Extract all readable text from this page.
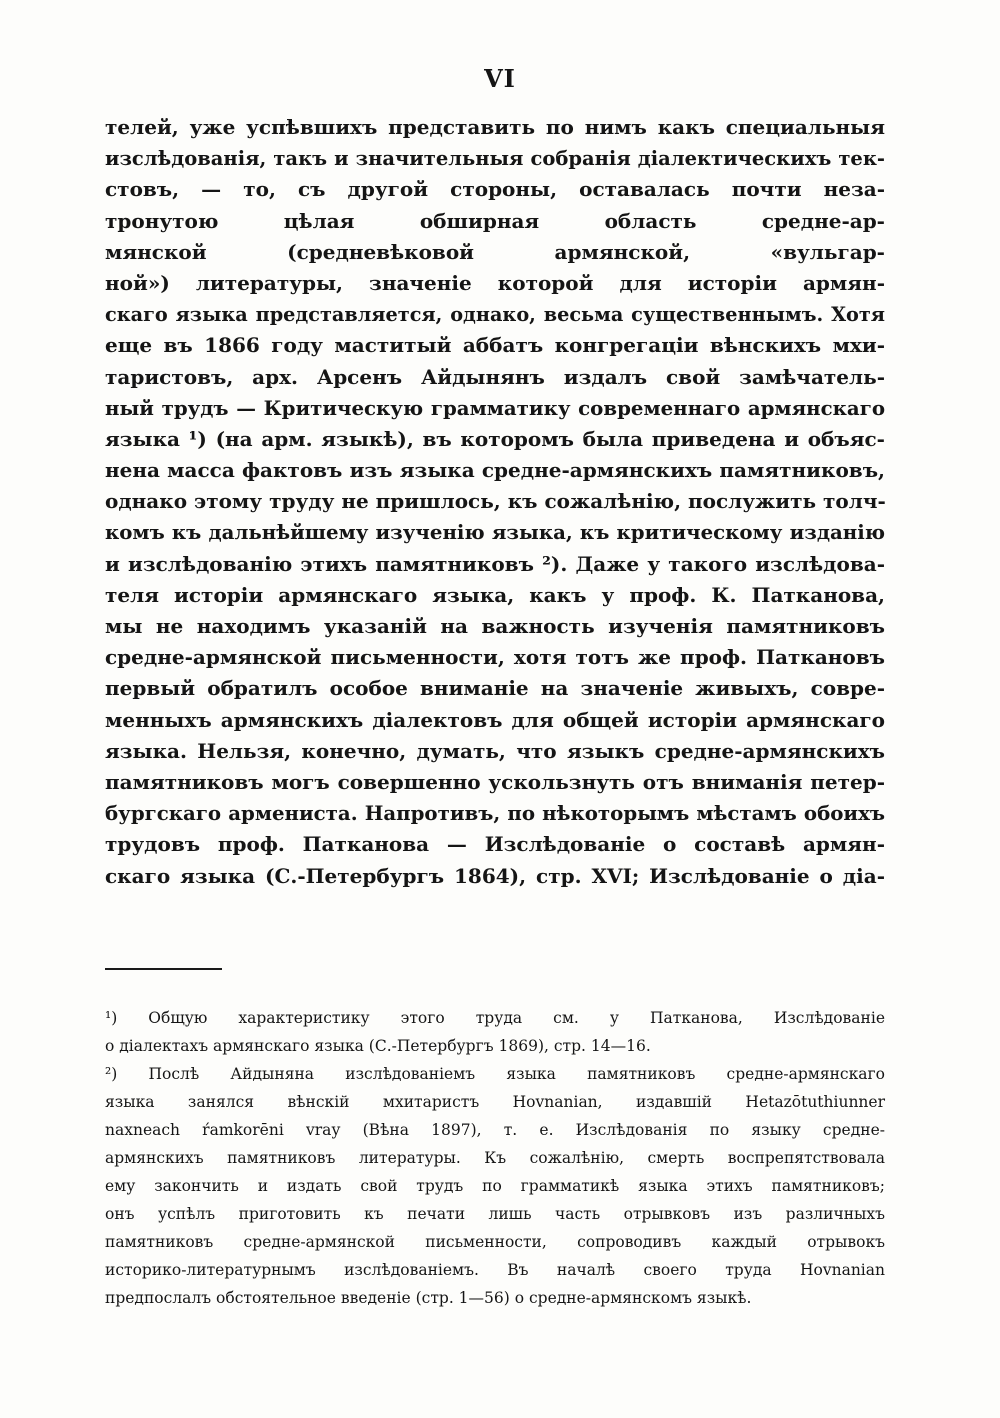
VI
телей, уже успѣвшихъ представить по нимъ какъ специальныя
изслѣдованія, такъ и значительныя собранія діалектическихъ тек-
стовъ, — то, съ другой стороны, оставалась почти неза-
тронутою цѣлая обширная область средне-ар-
мянской (средневѣковой армянской, «вульгар-
ной») литературы, значеніе которой для исторіи армян-
скаго языка представляется, однако, весьма существеннымъ. Хотя
еще въ 1866 году маститый аббатъ конгрегаціи вѣнскихъ мхи-
таристовъ, арх. Арсенъ Айдынянъ издалъ свой замѣчатель-
ный трудъ — Критическую грамматику современнаго армянскаго
языка ¹) (на арм. языкѣ), въ которомъ была приведена и объяс-
нена масса фактовъ изъ языка средне-армянскихъ памятниковъ,
однако этому труду не пришлось, къ сожалѣнію, послужить толч-
комъ къ дальнѣйшему изученію языка, къ критическому изданію
и изслѣдованію этихъ памятниковъ ²). Даже у такого изслѣдова-
теля исторіи армянскаго языка, какъ у проф. К. Патканова,
мы не находимъ указаній на важность изученія памятниковъ
средне-армянской письменности, хотя тотъ же проф. Паткановъ
первый обратилъ особое вниманіе на значеніе живыхъ, совре-
менныхъ армянскихъ діалектовъ для общей исторіи армянскаго
языка. Нельзя, конечно, думать, что языкъ средне-армянскихъ
памятниковъ могъ совершенно ускользнуть отъ вниманія петер-
бургскаго армениста. Напротивъ, по нѣкоторымъ мѣстамъ обоихъ
трудовъ проф. Патканова — Изслѣдованіе о составѣ армян-
скаго языка (С.-Петербургъ 1864), стр. XVI; Изслѣдованіе о діа-
¹) Общую характеристику этого труда см. у Патканова, Изслѣдованіе
о діалектахъ армянскаго языка (С.-Петербургъ 1869), стр. 14—16.
²) Послѣ Айдыняна изслѣдованіемъ языка памятниковъ средне-армянскаго
языка занялся вѣнскій мхитаристъ Hovnanian, издавшій Hetazōtuthiunner
naxneach ŕamkorēni vraу (Вѣна 1897), т. е. Изслѣдованія по языку средне-
армянскихъ памятниковъ литературы. Къ сожалѣнію, смерть воспрепятствовала
ему закончить и издать свой трудъ по грамматикѣ языка этихъ памятниковъ;
онъ успѣлъ приготовить къ печати лишь часть отрывковъ изъ различныхъ
памятниковъ средне-армянской письменности, сопроводивъ каждый отрывокъ
историко-литературнымъ изслѣдованіемъ. Въ началѣ своего труда Hovnanian
предпослалъ обстоятельное введеніе (стр. 1—56) о средне-армянскомъ языкѣ.
